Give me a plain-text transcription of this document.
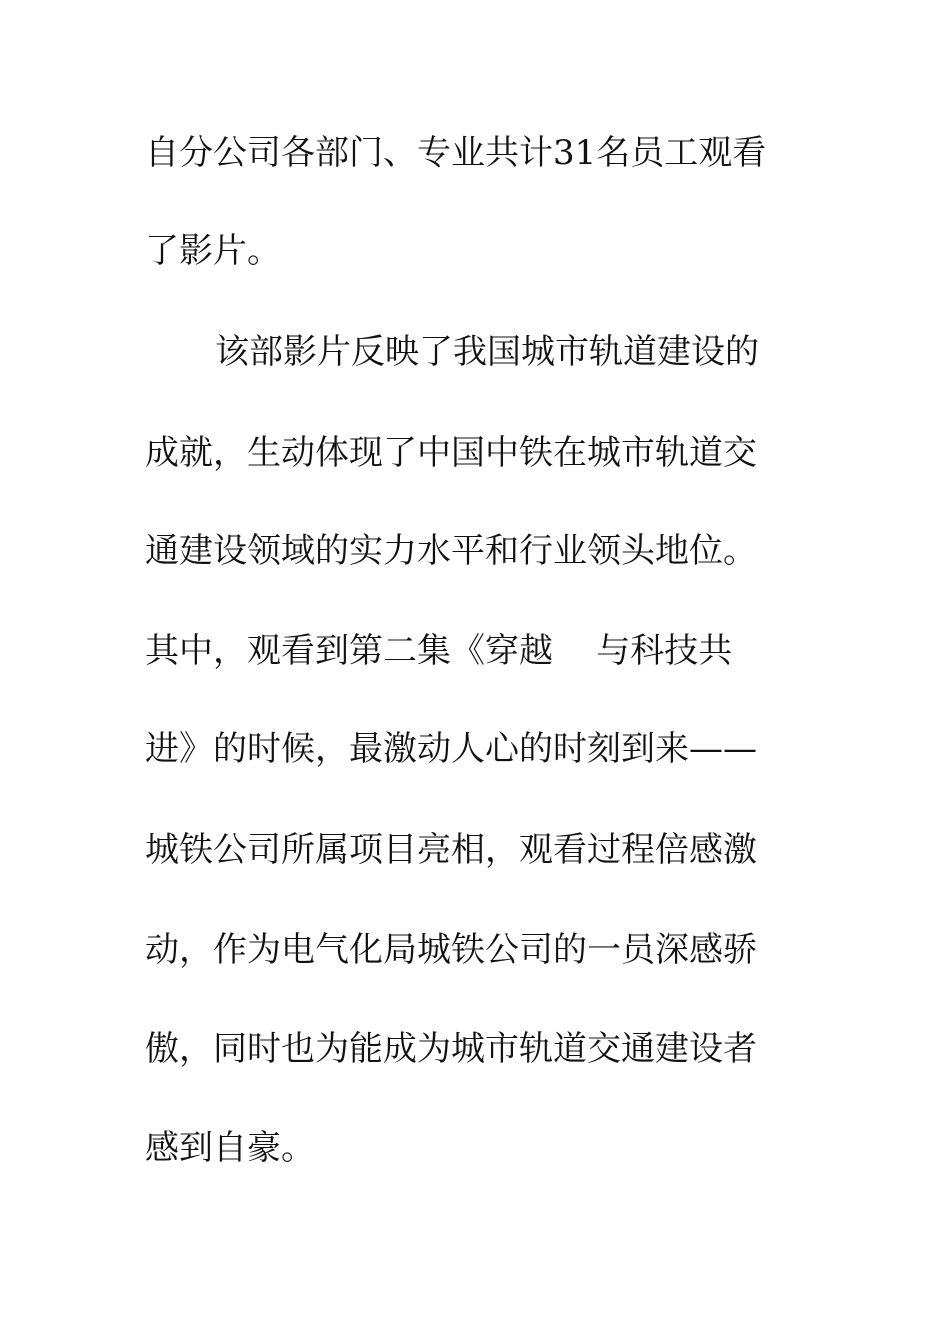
自分公司各部门、专业共计31名员工观看
了影片。
该部影片反映了我国城市轨道建设的
成就，生动体现了中国中铁在城市轨道交
通建设领域的实力水平和行业领头地位。
其中，观看到第二集《穿越    与科技共
进》的时候，最激动人心的时刻到来——
城铁公司所属项目亮相，观看过程倍感激
动，作为电气化局城铁公司的一员深感骄
傲，同时也为能成为城市轨道交通建设者
感到自豪。
